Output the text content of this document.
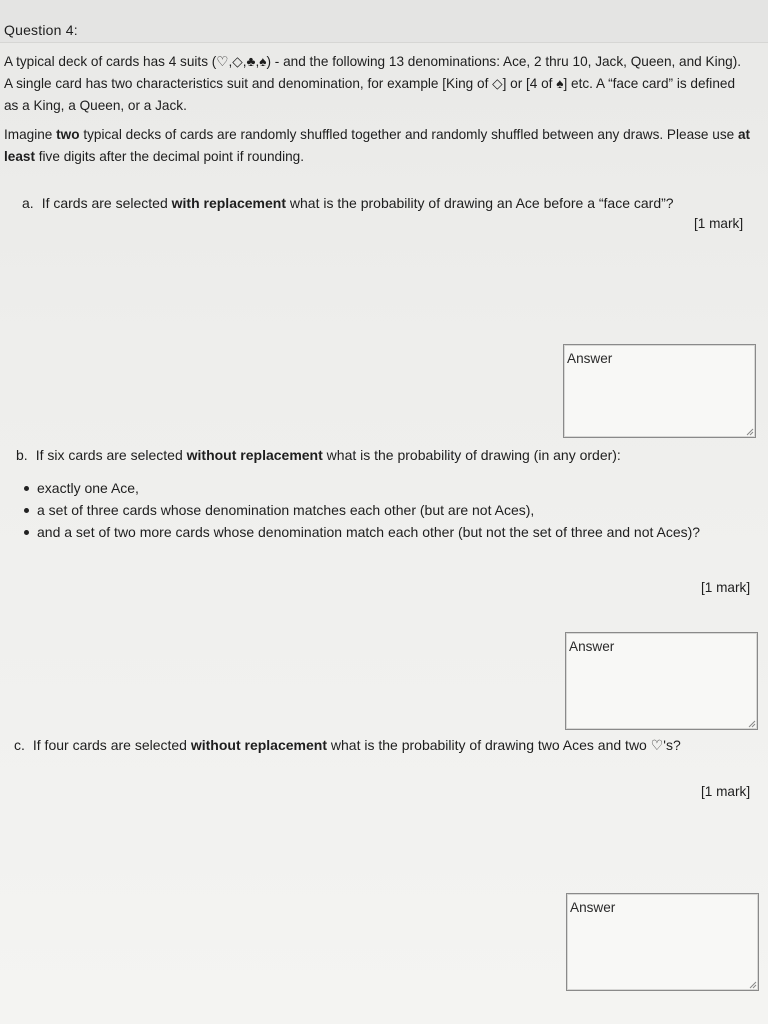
Question 4:
A typical deck of cards has 4 suits (♡,◇,♣,♠) - and the following 13 denominations: Ace, 2 thru 10, Jack, Queen, and King). A single card has two characteristics suit and denomination, for example [King of ◇] or [4 of ♠] etc. A “face card” is defined as a King, a Queen, or a Jack.
Imagine two typical decks of cards are randomly shuffled together and randomly shuffled between any draws. Please use at least five digits after the decimal point if rounding.
a. If cards are selected with replacement what is the probability of drawing an Ace before a “face card”?
[1 mark]
Answer
b. If six cards are selected without replacement what is the probability of drawing (in any order):
exactly one Ace,
a set of three cards whose denomination matches each other (but are not Aces),
and a set of two more cards whose denomination match each other (but not the set of three and not Aces)?
[1 mark]
Answer
c. If four cards are selected without replacement what is the probability of drawing two Aces and two ♡'s?
[1 mark]
Answer
